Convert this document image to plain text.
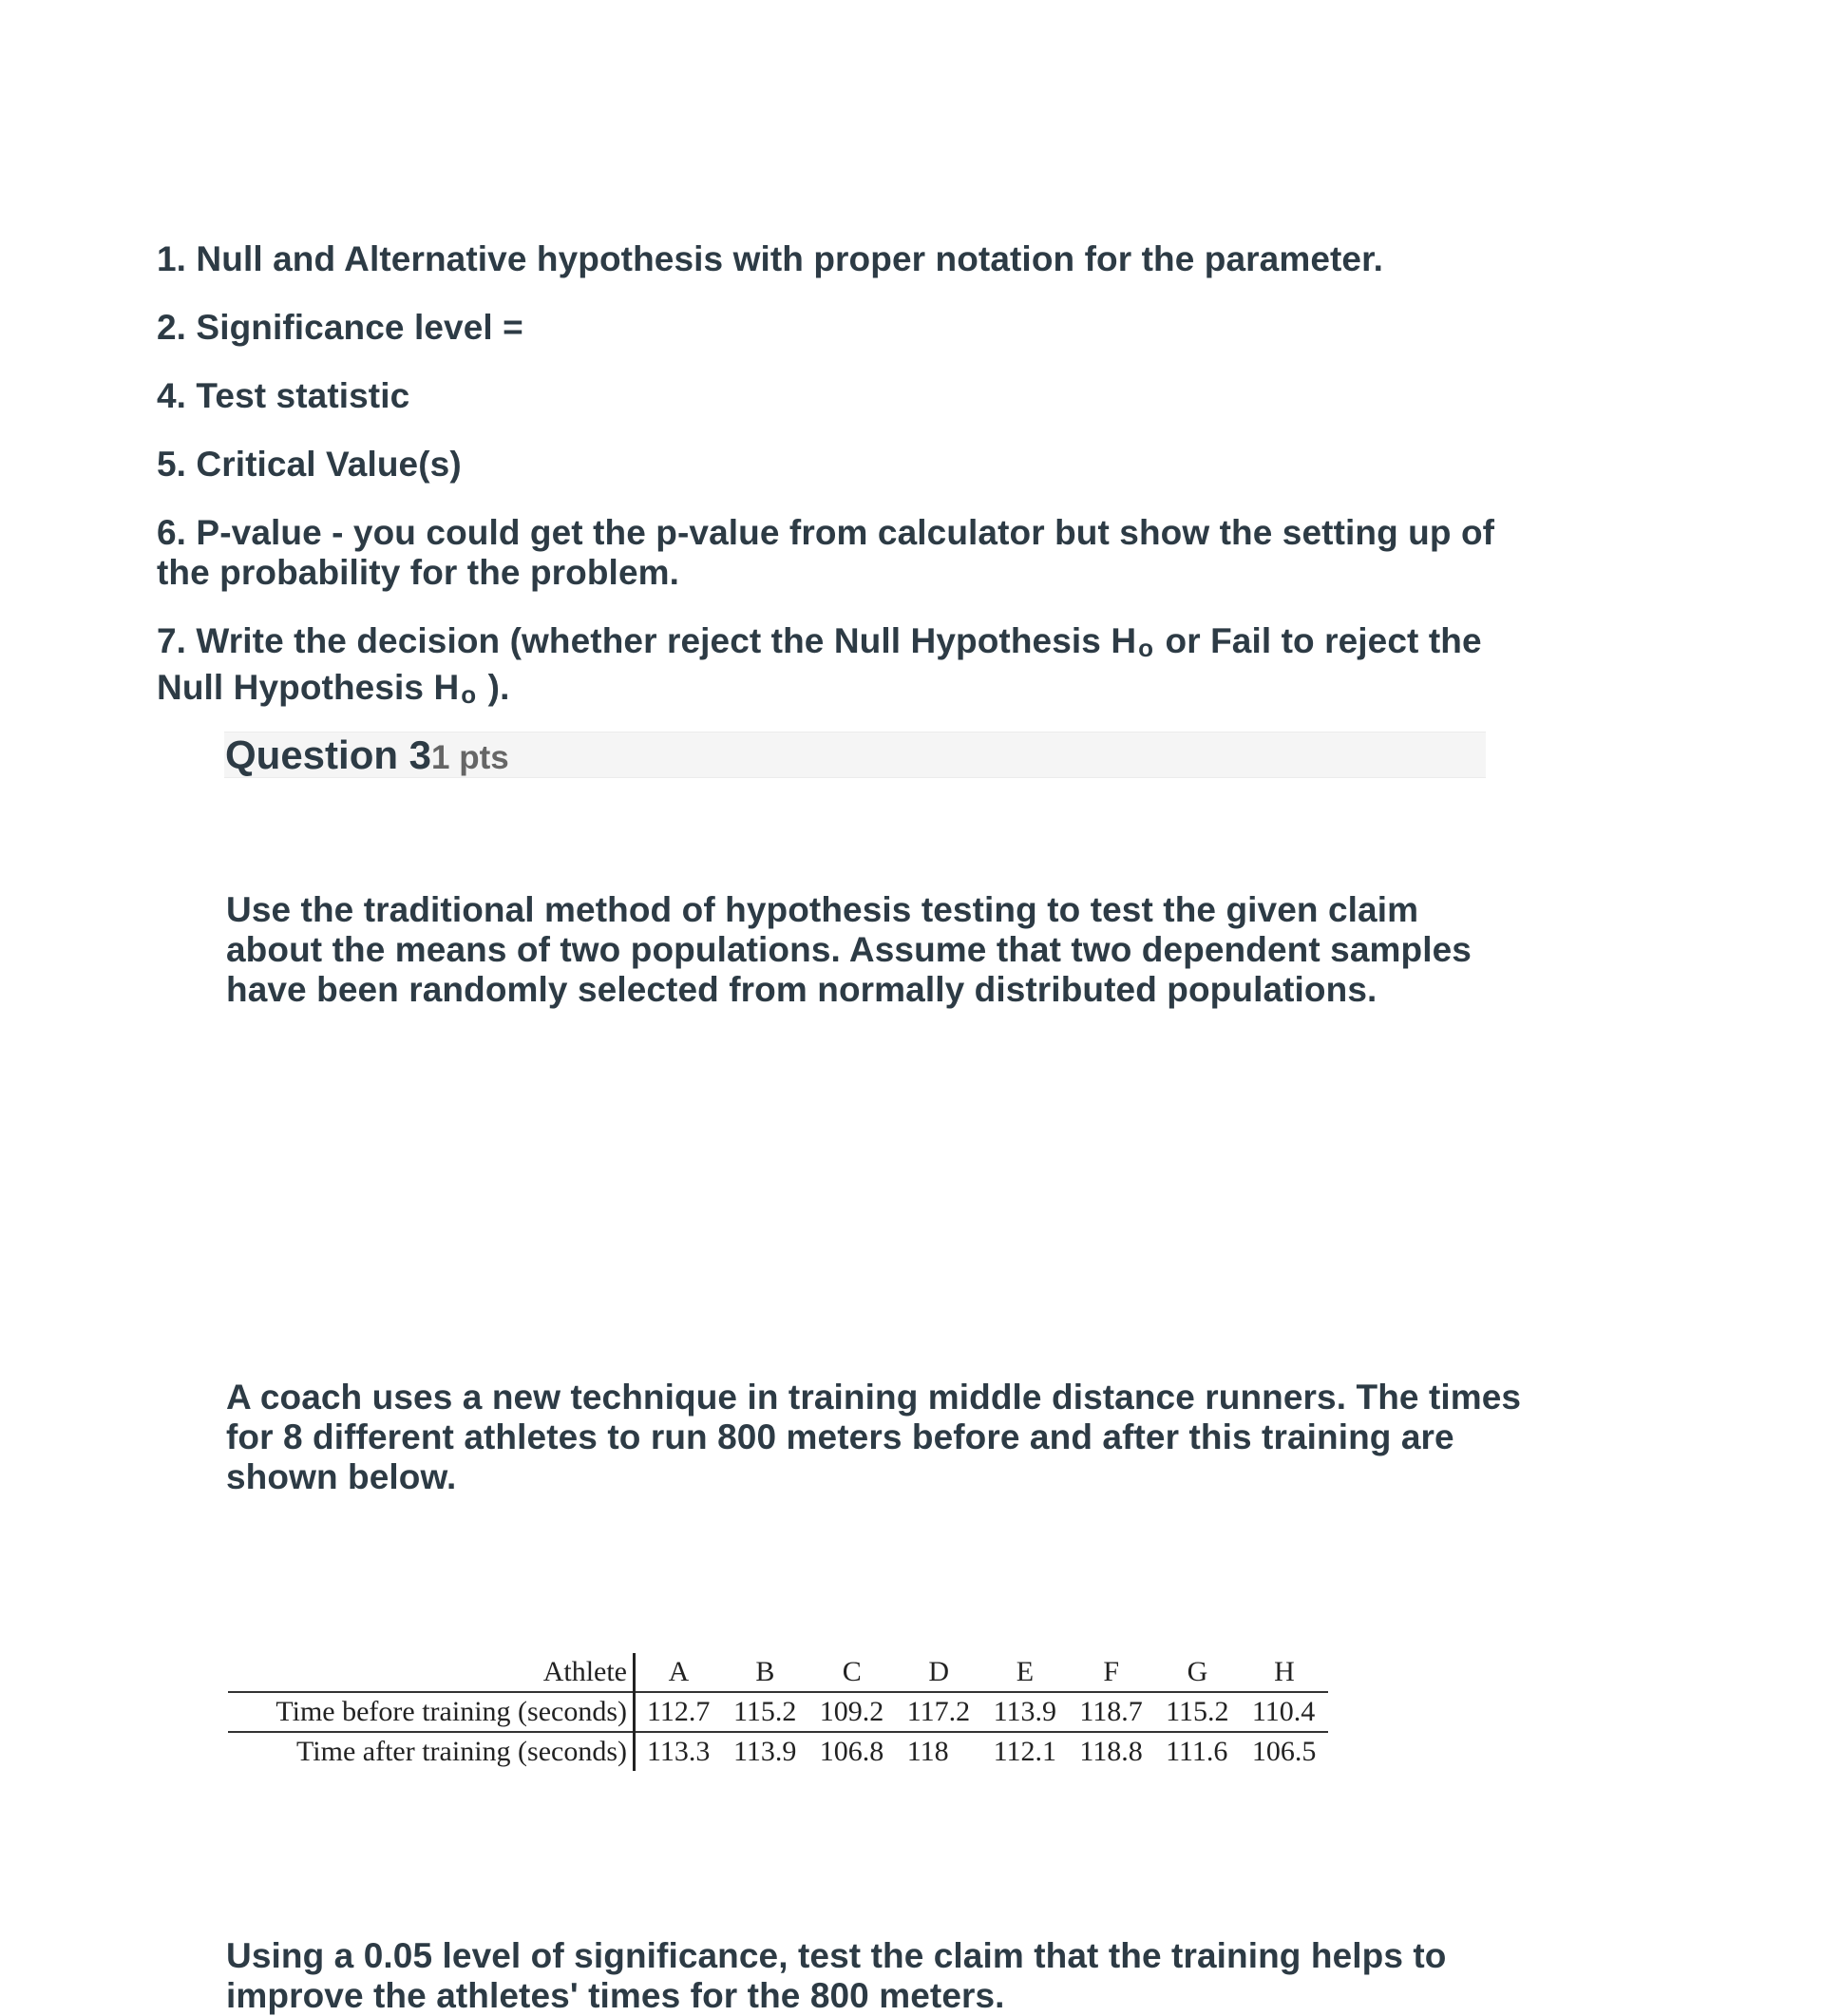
1. Null and Alternative hypothesis with proper notation for the parameter.
2. Significance level =
4. Test statistic
5. Critical Value(s)
6. P-value - you could get the p-value from calculator but show the setting up of the probability for the problem.
7. Write the decision (whether reject the Null Hypothesis Ho or Fail to reject the Null Hypothesis Ho ).
Question 31 pts
Use the traditional method of hypothesis testing to test the given claim about the means of two populations. Assume that two dependent samples have been randomly selected from normally distributed populations.
A coach uses a new technique in training middle distance runners. The times for 8 different athletes to run 800 meters before and after this training are shown below.
Athlete	A	B	C	D	E	F	G	H
Time before training (seconds)	112.7	115.2	109.2	117.2	113.9	118.7	115.2	110.4
Time after training (seconds)	113.3	113.9	106.8	118	112.1	118.8	111.6	106.5
Using a 0.05 level of significance, test the claim that the training helps to improve the athletes' times for the 800 meters.
